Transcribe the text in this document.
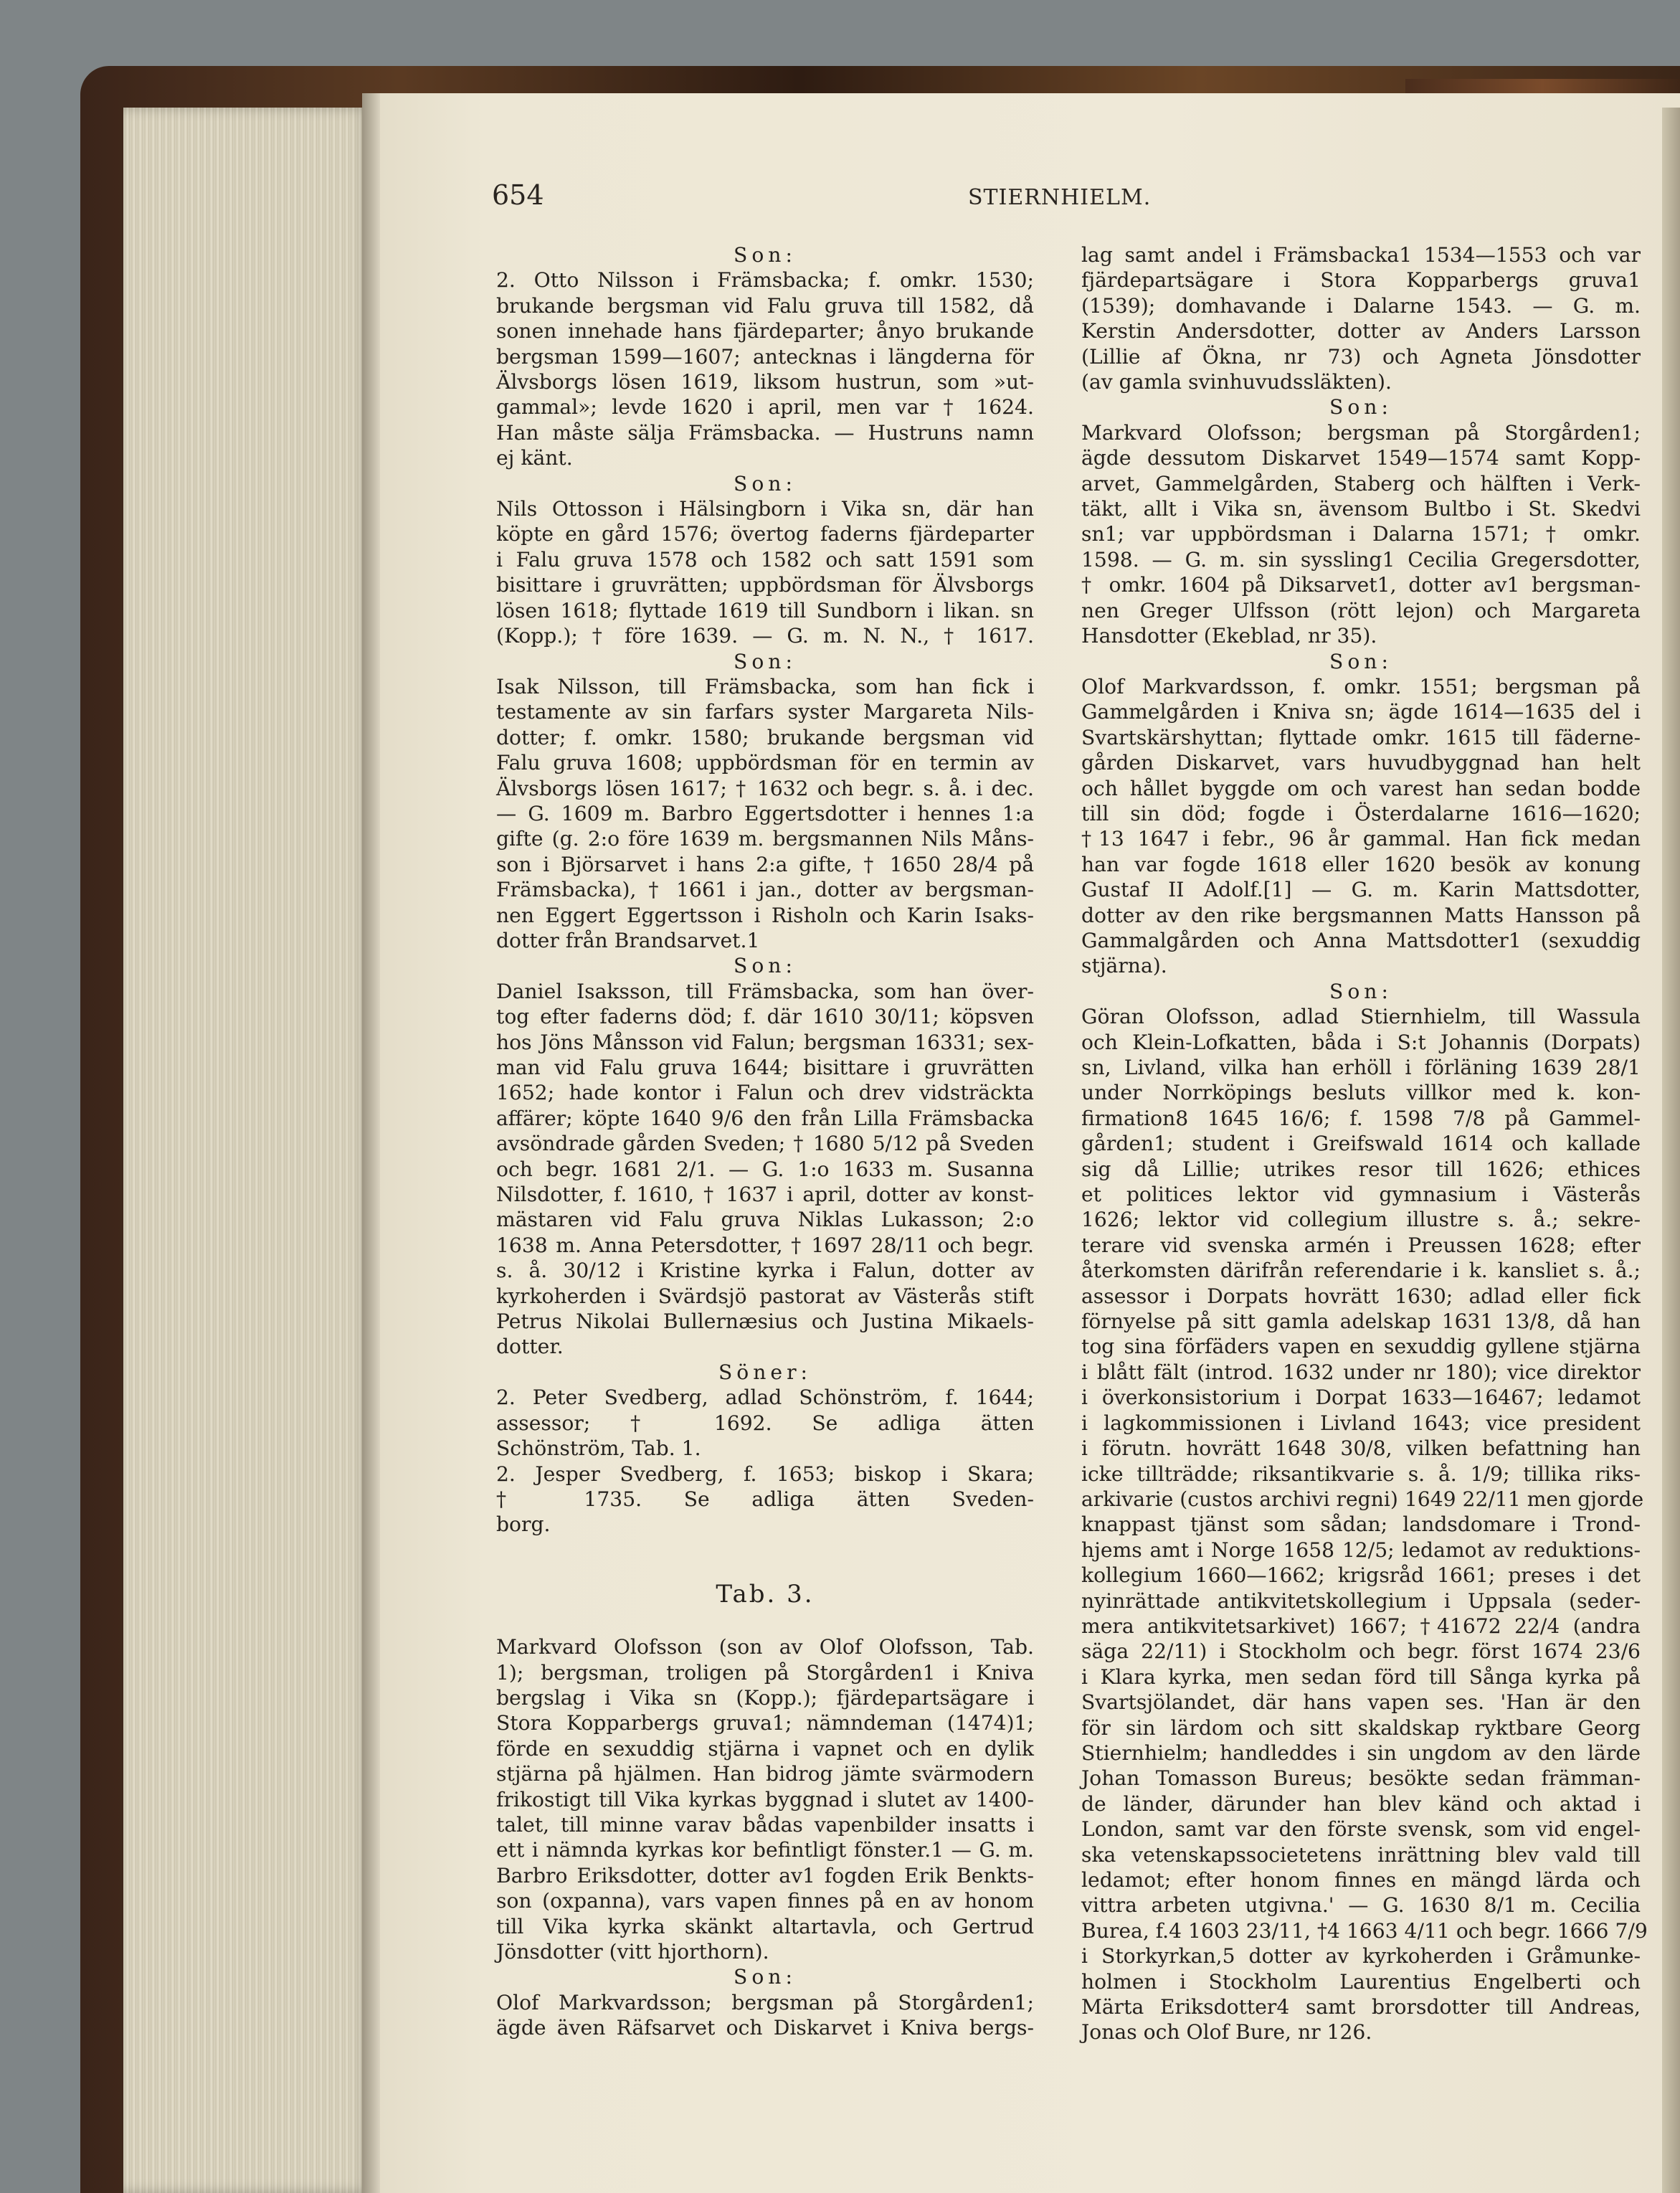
654	STIERNHIELM.
Son:
2. Otto Nilsson i Främsbacka; f. omkr. 1530;
brukande bergsman vid Falu gruva till 1582, då
sonen innehade hans fjärdeparter; ånyo brukande
bergsman 1599—1607; antecknas i längderna för
Älvsborgs lösen 1619, liksom hustrun, som »ut-
gammal»; levde 1620 i april, men var † 1624.
Han måste sälja Främsbacka. — Hustruns namn
ej känt.
Son:
Nils Ottosson i Hälsingborn i Vika sn, där han
köpte en gård 1576; övertog faderns fjärdeparter
i Falu gruva 1578 och 1582 och satt 1591 som
bisittare i gruvrätten; uppbördsman för Älvsborgs
lösen 1618; flyttade 1619 till Sundborn i likan. sn
(Kopp.); † före 1639. — G. m. N. N., † 1617.
Son:
Isak Nilsson, till Främsbacka, som han fick i
testamente av sin farfars syster Margareta Nils-
dotter; f. omkr. 1580; brukande bergsman vid
Falu gruva 1608; uppbördsman för en termin av
Älvsborgs lösen 1617; † 1632 och begr. s. å. i dec.
— G. 1609 m. Barbro Eggertsdotter i hennes 1:a
gifte (g. 2:o före 1639 m. bergsmannen Nils Måns-
son i Björsarvet i hans 2:a gifte, † 1650 28/4 på
Främsbacka), † 1661 i jan., dotter av bergsman-
nen Eggert Eggertsson i Risholn och Karin Isaks-
dotter från Brandsarvet.1
Son:
Daniel Isaksson, till Främsbacka, som han över-
tog efter faderns död; f. där 1610 30/11; köpsven
hos Jöns Månsson vid Falun; bergsman 16331; sex-
man vid Falu gruva 1644; bisittare i gruvrätten
1652; hade kontor i Falun och drev vidsträckta
affärer; köpte 1640 9/6 den från Lilla Främsbacka
avsöndrade gården Sveden; † 1680 5/12 på Sveden
och begr. 1681 2/1. — G. 1:o 1633 m. Susanna
Nilsdotter, f. 1610, † 1637 i april, dotter av konst-
mästaren vid Falu gruva Niklas Lukasson; 2:o
1638 m. Anna Petersdotter, † 1697 28/11 och begr.
s. å. 30/12 i Kristine kyrka i Falun, dotter av
kyrkoherden i Svärdsjö pastorat av Västerås stift
Petrus Nikolai Bullernæsius och Justina Mikaels-
dotter.
Söner:
2. Peter Svedberg, adlad Schönström, f. 1644;
assessor; † 1692. Se adliga ätten
Schönström, Tab. 1.
2. Jesper Svedberg, f. 1653; biskop i Skara;
† 1735. Se adliga ätten Sveden-
borg.
Tab. 3.
Markvard Olofsson (son av Olof Olofsson, Tab.
1); bergsman, troligen på Storgården1 i Kniva
bergslag i Vika sn (Kopp.); fjärdepartsägare i
Stora Kopparbergs gruva1; nämndeman (1474)1;
förde en sexuddig stjärna i vapnet och en dylik
stjärna på hjälmen. Han bidrog jämte svärmodern
frikostigt till Vika kyrkas byggnad i slutet av 1400-
talet, till minne varav bådas vapenbilder insatts i
ett i nämnda kyrkas kor befintligt fönster.1 — G. m.
Barbro Eriksdotter, dotter av1 fogden Erik Benkts-
son (oxpanna), vars vapen finnes på en av honom
till Vika kyrka skänkt altartavla, och Gertrud
Jönsdotter (vitt hjorthorn).
Son:
Olof Markvardsson; bergsman på Storgården1;
ägde även Räfsarvet och Diskarvet i Kniva bergs-
lag samt andel i Främsbacka1 1534—1553 och var
fjärdepartsägare i Stora Kopparbergs gruva1
(1539); domhavande i Dalarne 1543. — G. m.
Kerstin Andersdotter, dotter av Anders Larsson
(Lillie af Ökna, nr 73) och Agneta Jönsdotter
(av gamla svinhuvudssläkten).
Son:
Markvard Olofsson; bergsman på Storgården1;
ägde dessutom Diskarvet 1549—1574 samt Kopp-
arvet, Gammelgården, Staberg och hälften i Verk-
täkt, allt i Vika sn, ävensom Bultbo i St. Skedvi
sn1; var uppbördsman i Dalarna 1571; † omkr.
1598. — G. m. sin syssling1 Cecilia Gregersdotter,
† omkr. 1604 på Diksarvet1, dotter av1 bergsman-
nen Greger Ulfsson (rött lejon) och Margareta
Hansdotter (Ekeblad, nr 35).
Son:
Olof Markvardsson, f. omkr. 1551; bergsman på
Gammelgården i Kniva sn; ägde 1614—1635 del i
Svartskärshyttan; flyttade omkr. 1615 till fäderne-
gården Diskarvet, vars huvudbyggnad han helt
och hållet byggde om och varest han sedan bodde
till sin död; fogde i Österdalarne 1616—1620;
†13 1647 i febr., 96 år gammal. Han fick medan
han var fogde 1618 eller 1620 besök av konung
Gustaf II Adolf.[1] — G. m. Karin Mattsdotter,
dotter av den rike bergsmannen Matts Hansson på
Gammalgården och Anna Mattsdotter1 (sexuddig
stjärna).
Son:
Göran Olofsson, adlad Stiernhielm, till Wassula
och Klein-Lofkatten, båda i S:t Johannis (Dorpats)
sn, Livland, vilka han erhöll i förläning 1639 28/1
under Norrköpings besluts villkor med k. kon-
firmation8 1645 16/6; f. 1598 7/8 på Gammel-
gården1; student i Greifswald 1614 och kallade
sig då Lillie; utrikes resor till 1626; ethices
et politices lektor vid gymnasium i Västerås
1626; lektor vid collegium illustre s. å.; sekre-
terare vid svenska armén i Preussen 1628; efter
återkomsten därifrån referendarie i k. kansliet s. å.;
assessor i Dorpats hovrätt 1630; adlad eller fick
förnyelse på sitt gamla adelskap 1631 13/8, då han
tog sina förfäders vapen en sexuddig gyllene stjärna
i blått fält (introd. 1632 under nr 180); vice direktor
i överkonsistorium i Dorpat 1633—16467; ledamot
i lagkommissionen i Livland 1643; vice president
i förutn. hovrätt 1648 30/8, vilken befattning han
icke tillträdde; riksantikvarie s. å. 1/9; tillika riks-
arkivarie (custos archivi regni) 1649 22/11 men gjorde
knappast tjänst som sådan; landsdomare i Trond-
hjems amt i Norge 1658 12/5; ledamot av reduktions-
kollegium 1660—1662; krigsråd 1661; preses i det
nyinrättade antikvitetskollegium i Uppsala (seder-
mera antikvitetsarkivet) 1667; †41672 22/4 (andra
säga 22/11) i Stockholm och begr. först 1674 23/6
i Klara kyrka, men sedan förd till Sånga kyrka på
Svartsjölandet, där hans vapen ses. 'Han är den
för sin lärdom och sitt skaldskap ryktbare Georg
Stiernhielm; handleddes i sin ungdom av den lärde
Johan Tomasson Bureus; besökte sedan främman-
de länder, därunder han blev känd och aktad i
London, samt var den förste svensk, som vid engel-
ska vetenskapssocietetens inrättning blev vald till
ledamot; efter honom finnes en mängd lärda och
vittra arbeten utgivna.' — G. 1630 8/1 m. Cecilia
Burea, f.4 1603 23/11, †4 1663 4/11 och begr. 1666 7/9
i Storkyrkan,5 dotter av kyrkoherden i Gråmunke-
holmen i Stockholm Laurentius Engelberti och
Märta Eriksdotter4 samt brorsdotter till Andreas,
Jonas och Olof Bure, nr 126.
